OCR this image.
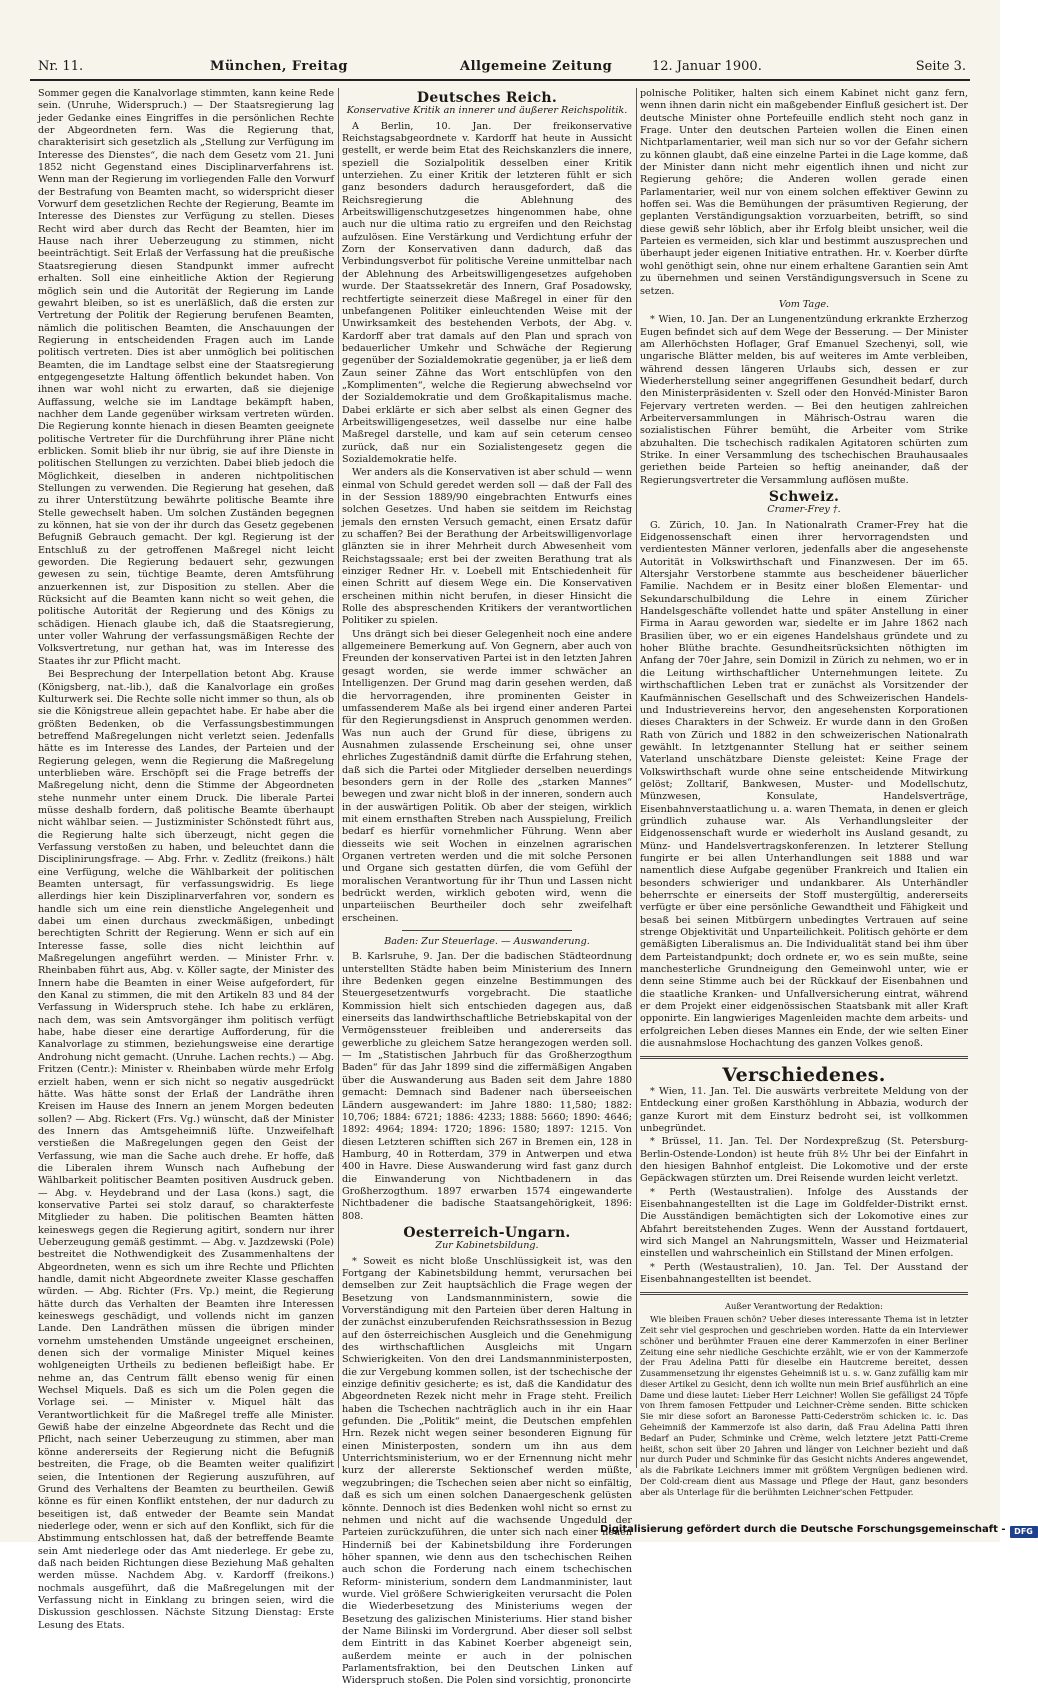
Nr. 11.	München, Freitag	Allgemeine Zeitung	12. Januar 1900.	Seite 3.

Sommer gegen die Kanalvorlage stimmten, kann keine Rede sein. (Unruhe, Widerspruch.) — Der Staatsregierung lag jeder Gedanke eines Eingriffes in die persönlichen Rechte der Abgeordneten fern. Was die Regierung that, charakterisirt sich gesetzlich als „Stellung zur Verfügung im Interesse des Dienstes“, die nach dem Gesetz vom 21. Juni 1852 nicht Gegenstand eines Disciplinarverfahrens ist. Wenn man der Regierung im vorliegenden Falle den Vorwurf der Bestrafung von Beamten macht, so widerspricht dieser Vorwurf dem gesetzlichen Rechte der Regierung, Beamte im Interesse des Dienstes zur Verfügung zu stellen. Dieses Recht wird aber durch das Recht der Beamten, hier im Hause nach ihrer Ueberzeugung zu stimmen, nicht beeinträchtigt. Seit Erlaß der Verfassung hat die preußische Staatsregierung diesen Standpunkt immer aufrecht erhalten. Soll eine einheitliche Aktion der Regierung möglich sein und die Autorität der Regierung im Lande gewahrt bleiben, so ist es unerläßlich, daß die ersten zur Vertretung der Politik der Regierung berufenen Beamten, nämlich die politischen Beamten, die Anschauungen der Regierung in entscheidenden Fragen auch im Lande politisch vertreten. Dies ist aber unmöglich bei politischen Beamten, die im Landtage selbst eine der Staatsregierung entgegengesetzte Haltung öffentlich bekundet haben. Von ihnen war wohl nicht zu erwarten, daß sie diejenige Auffassung, welche sie im Landtage bekämpft haben, nachher dem Lande gegenüber wirksam vertreten würden. Die Regierung konnte hienach in diesen Beamten geeignete politische Vertreter für die Durchführung ihrer Pläne nicht erblicken. Somit blieb ihr nur übrig, sie auf ihre Dienste in politischen Stellungen zu verzichten. Dabei blieb jedoch die Möglichkeit, dieselben in anderen nichtpolitischen Stellungen zu verwenden. Die Regierung hat gesehen, daß zu ihrer Unterstützung bewährte politische Beamte ihre Stelle gewechselt haben. Um solchen Zuständen begegnen zu können, hat sie von der ihr durch das Gesetz gegebenen Befugniß Gebrauch gemacht. Der kgl. Regierung ist der Entschluß zu der getroffenen Maßregel nicht leicht geworden. Die Regierung bedauert sehr, gezwungen gewesen zu sein, tüchtige Beamte, deren Amtsführung anzuerkennen ist, zur Disposition zu stellen. Aber die Rücksicht auf die Beamten kann nicht so weit gehen, die politische Autorität der Regierung und des Königs zu schädigen. Hienach glaube ich, daß die Staatsregierung, unter voller Wahrung der verfassungsmäßigen Rechte der Volksvertretung, nur gethan hat, was im Interesse des Staates ihr zur Pflicht macht.

Bei Besprechung der Interpellation betont Abg. Krause (Königsberg, nat.-lib.), daß die Kanalvorlage ein großes Kulturwerk sei. Die Rechte solle nicht immer so thun, als ob sie die Königstreue allein gepachtet habe. Er habe aber die größten Bedenken, ob die Verfassungsbestimmungen betreffend Maßregelungen nicht verletzt seien. Jedenfalls hätte es im Interesse des Landes, der Parteien und der Regierung gelegen, wenn die Regierung die Maßregelung unterblieben wäre. Erschöpft sei die Frage betreffs der Maßregelung nicht, denn die Stimme der Abgeordneten stehe nunmehr unter einem Druck. Die liberale Partei müsse deshalb fordern, daß politische Beamte überhaupt nicht wählbar seien. — Justizminister Schönstedt führt aus, die Regierung halte sich überzeugt, nicht gegen die Verfassung verstoßen zu haben, und beleuchtet dann die Disciplinirungsfrage. — Abg. Frhr. v. Zedlitz (freikons.) hält eine Verfügung, welche die Wählbarkeit der politischen Beamten untersagt, für verfassungswidrig. Es liege allerdings hier kein Disziplinarverfahren vor, sondern es handle sich um eine rein dienstliche Angelegenheit und dabei um einen durchaus zweckmäßigen, unbedingt berechtigten Schritt der Regierung. Wenn er sich auf ein Interesse fasse, solle dies nicht leichthin auf Maßregelungen angeführt werden. — Minister Frhr. v. Rheinbaben führt aus, Abg. v. Köller sagte, der Minister des Innern habe die Beamten in einer Weise aufgefordert, für den Kanal zu stimmen, die mit den Artikeln 83 und 84 der Verfassung in Widerspruch stehe. Ich habe zu erklären, nach dem, was sein Amtsvorgänger ihm politisch verfügt habe, habe dieser eine derartige Aufforderung, für die Kanalvorlage zu stimmen, beziehungsweise eine derartige Androhung nicht gemacht. (Unruhe. Lachen rechts.) — Abg. Fritzen (Centr.): Minister v. Rheinbaben würde mehr Erfolg erzielt haben, wenn er sich nicht so negativ ausgedrückt hätte. Was hätte sonst der Erlaß der Landräthe ihren Kreisen im Hause des Innern an jenem Morgen bedeuten sollen? — Abg. Rickert (Frs. Vg.) wünscht, daß der Minister des Innern das Amtsgeheimniß lüfte. Unzweifelhaft verstießen die Maßregelungen gegen den Geist der Verfassung, wie man die Sache auch drehe. Er hoffe, daß die Liberalen ihrem Wunsch nach Aufhebung der Wählbarkeit politischer Beamten positiven Ausdruck geben. — Abg. v. Heydebrand und der Lasa (kons.) sagt, die konservative Partei sei stolz darauf, so charakterfeste Mitglieder zu haben. Die politischen Beamten hätten keineswegs gegen die Regierung agitirt, sondern nur ihrer Ueberzeugung gemäß gestimmt. — Abg. v. Jazdzewski (Pole) bestreitet die Nothwendigkeit des Zusammenhaltens der Abgeordneten, wenn es sich um ihre Rechte und Pflichten handle, damit nicht Abgeordnete zweiter Klasse geschaffen würden. — Abg. Richter (Frs. Vp.) meint, die Regierung hätte durch das Verhalten der Beamten ihre Interessen keineswegs geschädigt, und vollends nicht im ganzen Lande. Den Landräthen müssen die übrigen minder vornehm umstehenden Umstände ungeeignet erscheinen, denen sich der vormalige Minister Miquel keines wohlgeneigten Urtheils zu bedienen befleißigt habe. Er nehme an, das Centrum fällt ebenso wenig für einen Wechsel Miquels. Daß es sich um die Polen gegen die Vorlage sei. — Minister v. Miquel hält das Verantwortlichkeit für die Maßregel treffe alle Minister. Gewiß habe der einzelne Abgeordnete das Recht und die Pflicht, nach seiner Ueberzeugung zu stimmen, aber man könne andererseits der Regierung nicht die Befugniß bestreiten, die Frage, ob die Beamten weiter qualifizirt seien, die Intentionen der Regierung auszuführen, auf Grund des Verhaltens der Beamten zu beurtheilen. Gewiß könne es für einen Konflikt entstehen, der nur dadurch zu beseitigen ist, daß entweder der Beamte sein Mandat niederlege oder, wenn er sich auf den Konflikt, sich für die Abstimmung entschlossen hat, daß der betreffende Beamte sein Amt niederlege oder das Amt niederlege. Er gebe zu, daß nach beiden Richtungen diese Beziehung Maß gehalten werden müsse. Nachdem Abg. v. Kardorff (freikons.) nochmals ausgeführt, daß die Maßregelungen mit der Verfassung nicht in Einklang zu bringen seien, wird die Diskussion geschlossen. Nächste Sitzung Dienstag: Erste Lesung des Etats.

Deutsches Reich.
Konservative Kritik an innerer und äußerer Reichspolitik.

A Berlin, 10. Jan. Der freikonservative Reichstagsabgeordnete v. Kardorff hat heute in Aussicht gestellt, er werde beim Etat des Reichskanzlers die innere, speziell die Sozialpolitik desselben einer Kritik unterziehen. Zu einer Kritik der letzteren fühlt er sich ganz besonders dadurch herausgefordert, daß die Reichsregierung die Ablehnung des Arbeitswilligenschutzgesetzes hingenommen habe, ohne auch nur die ultima ratio zu ergreifen und den Reichstag aufzulösen. Eine Verstärkung und Verdichtung erfuhr der Zorn der Konservativen dann dadurch, daß das Verbindungsverbot für politische Vereine unmittelbar nach der Ablehnung des Arbeitswilligengesetzes aufgehoben wurde. Der Staatssekretär des Innern, Graf Posadowsky, rechtfertigte seinerzeit diese Maßregel in einer für den unbefangenen Politiker einleuchtenden Weise mit der Unwirksamkeit des bestehenden Verbots, der Abg. v. Kardorff aber trat damals auf den Plan und sprach von bedauerlicher Umkehr und Schwäche der Regierung gegenüber der Sozialdemokratie gegenüber, ja er ließ dem Zaun seiner Zähne das Wort entschlüpfen von den „Komplimenten“, welche die Regierung abwechselnd vor der Sozialdemokratie und dem Großkapitalismus mache. Dabei erklärte er sich aber selbst als einen Gegner des Arbeitswilligengesetzes, weil dasselbe nur eine halbe Maßregel darstelle, und kam auf sein ceterum censeo zurück, daß nur ein Sozialistengesetz gegen die Sozialdemokratie helfe.

Wer anders als die Konservativen ist aber schuld — wenn einmal von Schuld geredet werden soll — daß der Fall des in der Session 1889/90 eingebrachten Entwurfs eines solchen Gesetzes. Und haben sie seitdem im Reichstag jemals den ernsten Versuch gemacht, einen Ersatz dafür zu schaffen? Bei der Berathung der Arbeitswilligenvorlage glänzten sie in ihrer Mehrheit durch Abwesenheit vom Reichstagssaale; erst bei der zweiten Berathung trat als einziger Redner Hr. v. Loebell mit Entschiedenheit für einen Schritt auf diesem Wege ein. Die Konservativen erscheinen mithin nicht berufen, in dieser Hinsicht die Rolle des abspreschenden Kritikers der verantwortlichen Politiker zu spielen.

Uns drängt sich bei dieser Gelegenheit noch eine andere allgemeinere Bemerkung auf. Von Gegnern, aber auch von Freunden der konservativen Partei ist in den letzten Jahren gesagt worden, sie werde immer schwächer an Intelligenzen. Der Grund mag darin gesehen werden, daß die hervorragenden, ihre prominenten Geister in umfassenderem Maße als bei irgend einer anderen Partei für den Regierungsdienst in Anspruch genommen werden. Was nun auch der Grund für diese, übrigens zu Ausnahmen zulassende Erscheinung sei, ohne unser ehrliches Zugeständniß damit dürfte die Erfahrung stehen, daß sich die Partei oder Mitglieder derselben neuerdings besonders gern in der Rolle des „starken Mannes“ bewegen und zwar nicht bloß in der inneren, sondern auch in der auswärtigen Politik. Ob aber der steigen, wirklich mit einem ernsthaften Streben nach Ausspielung, Freilich bedarf es hierfür vornehmlicher Führung. Wenn aber diesseits wie seit Wochen in einzelnen agrarischen Organen vertreten werden und die mit solche Personen und Organe sich gestatten dürfen, die vom Gefühl der moralischen Verantwortung für ihr Thun und Lassen nicht bedrückt werden, wirklich geboten wird, wenn die unparteiischen Beurtheiler doch sehr zweifelhaft erscheinen.

Baden: Zur Steuerlage. — Auswanderung.

B. Karlsruhe, 9. Jan. Der die badischen Städteordnung unterstellten Städte haben beim Ministerium des Innern ihre Bedenken gegen einzelne Bestimmungen des Steuergesetzentwurfs vorgebracht. Die staatliche Kommission hielt sich entschieden dagegen aus, daß einerseits das landwirthschaftliche Betriebskapital von der Vermögenssteuer freibleiben und andererseits das gewerbliche zu gleichem Satze herangezogen werden soll. — Im „Statistischen Jahrbuch für das Großherzogthum Baden“ für das Jahr 1899 sind die ziffermäßigen Angaben über die Auswanderung aus Baden seit dem Jahre 1880 gemacht: Demnach sind Badener nach überseeischen Ländern ausgewandert: im Jahre 1880: 11,580; 1882: 10,706; 1884: 6721; 1886: 4233; 1888: 5660; 1890: 4646; 1892: 4964; 1894: 1720; 1896: 1580; 1897: 1215. Von diesen Letzteren schifften sich 267 in Bremen ein, 128 in Hamburg, 40 in Rotterdam, 379 in Antwerpen und etwa 400 in Havre. Diese Auswanderung wird fast ganz durch die Einwanderung von Nichtbadenern in das Großherzogthum. 1897 erwarben 1574 eingewanderte Nichtbadener die badische Staatsangehörigkeit, 1896: 808.

Oesterreich-Ungarn.
Zur Kabinetsbildung.

* Soweit es nicht bloße Unschlüssigkeit ist, was den Fortgang der Kabinetsbildung hemmt, verursachen bei demselben zur Zeit hauptsächlich die Frage wegen der Besetzung von Landsmannministern, sowie die Vorverständigung mit den Parteien über deren Haltung in der zunächst einzuberufenden Reichsrathssession in Bezug auf den österreichischen Ausgleich und die Genehmigung des wirthschaftlichen Ausgleichs mit Ungarn Schwierigkeiten. Von den drei Landsmannministerposten, die zur Vergebung kommen sollen, ist der tschechische der einzige definitiv gesicherte; es ist, daß die Kandidatur des Abgeordneten Rezek nicht mehr in Frage steht. Freilich haben die Tschechen nachträglich auch in ihr ein Haar gefunden. Die „Politik“ meint, die Deutschen empfehlen Hrn. Rezek nicht wegen seiner besonderen Eignung für einen Ministerposten, sondern um ihn aus dem Unterrichtsministerium, wo er der Ernennung nicht mehr kurz der allererste Sektionschef werden müßte, wegzubringen; die Tschechen seien aber nicht so einfältig, daß es sich um einen solchen Danaergeschenk gelüsten könnte. Dennoch ist dies Bedenken wohl nicht so ernst zu nehmen und nicht auf die wachsende Ungeduld der Parteien zurückzuführen, die unter sich nach einer neuen Hinderniß bei der Kabinetsbildung ihre Forderungen höher spannen, wie denn aus den tschechischen Reihen auch schon die Forderung nach einem tschechischen Reform- ministerium, sondern dem Landmanminister, laut wurde. Viel größere Schwierigkeiten verursacht die Polen die Wiederbesetzung des Ministeriums wegen der Besetzung des galizischen Ministeriums. Hier stand bisher der Name Bilinski im Vordergrund. Aber dieser soll selbst dem Eintritt in das Kabinet Koerber abgeneigt sein, außerdem meinte er auch in der polnischen Parlamentsfraktion, bei den Deutschen Linken auf Widerspruch stoßen. Die Polen sind vorsichtig, prononcirte

polnische Politiker, halten sich einem Kabinet nicht ganz fern, wenn ihnen darin nicht ein maßgebender Einfluß gesichert ist. Der deutsche Minister ohne Portefeuille endlich steht noch ganz in Frage. Unter den deutschen Parteien wollen die Einen einen Nichtparlamentarier, weil man sich nur so vor der Gefahr sichern zu können glaubt, daß eine einzelne Partei in die Lage komme, daß der Minister dann nicht mehr eigentlich ihnen und nicht zur Regierung gehöre; die Anderen wollen gerade einen Parlamentarier, weil nur von einem solchen effektiver Gewinn zu hoffen sei. Was die Bemühungen der präsumtiven Regierung, der geplanten Verständigungsaktion vorzuarbeiten, betrifft, so sind diese gewiß sehr löblich, aber ihr Erfolg bleibt unsicher, weil die Parteien es vermeiden, sich klar und bestimmt auszusprechen und überhaupt jeder eigenen Initiative entrathen. Hr. v. Koerber dürfte wohl genöthigt sein, ohne nur einem erhaltene Garantien sein Amt zu übernehmen und seinen Verständigungsversuch in Scene zu setzen.

Vom Tage.

* Wien, 10. Jan. Der an Lungenentzündung erkrankte Erzherzog Eugen befindet sich auf dem Wege der Besserung. — Der Minister am Allerhöchsten Hoflager, Graf Emanuel Szechenyi, soll, wie ungarische Blätter melden, bis auf weiteres im Amte verbleiben, während dessen längeren Urlaubs sich, dessen er zur Wiederherstellung seiner angegriffenen Gesundheit bedarf, durch den Ministerpräsidenten v. Szell oder den Honvéd-Minister Baron Fejervary vertreten werden. — Bei den heutigen zahlreichen Arbeiterversammlungen in Mährisch-Ostrau waren die sozialistischen Führer bemüht, die Arbeiter vom Strike abzuhalten. Die tschechisch radikalen Agitatoren schürten zum Strike. In einer Versammlung des tschechischen Brauhausaales geriethen beide Parteien so heftig aneinander, daß der Regierungsvertreter die Versammlung auflösen mußte.

Schweiz.
Cramer-Frey †.

G. Zürich, 10. Jan. In Nationalrath Cramer-Frey hat die Eidgenossenschaft einen ihrer hervorragendsten und verdientesten Männer verloren, jedenfalls aber die angesehenste Autorität in Volkswirthschaft und Finanzwesen. Der im 65. Altersjahr Verstorbene stammte aus bescheidener bäuerlicher Familie. Nachdem er in Besitz einer bloßen Elementar- und Sekundarschulbildung die Lehre in einem Züricher Handelsgeschäfte vollendet hatte und später Anstellung in einer Firma in Aarau geworden war, siedelte er im Jahre 1862 nach Brasilien über, wo er ein eigenes Handelshaus gründete und zu hoher Blüthe brachte. Gesundheitsrücksichten nöthigten im Anfang der 70er Jahre, sein Domizil in Zürich zu nehmen, wo er in die Leitung wirthschaftlicher Unternehmungen leitete. Zu wirthschaftlichen Leben trat er zunächst als Vorsitzender der Kaufmännischen Gesellschaft und des Schweizerischen Handels- und Industrievereins hervor, den angesehensten Korporationen dieses Charakters in der Schweiz. Er wurde dann in den Großen Rath von Zürich und 1882 in den schweizerischen Nationalrath gewählt. In letztgenannter Stellung hat er seither seinem Vaterland unschätzbare Dienste geleistet: Keine Frage der Volkswirthschaft wurde ohne seine entscheidende Mitwirkung gelöst; Zolltarif, Bankwesen, Muster- und Modellschutz, Münzwesen, Konsulate, Handelsverträge, Eisenbahnverstaatlichung u. a. waren Themata, in denen er gleich gründlich zuhause war. Als Verhandlungsleiter der Eidgenossenschaft wurde er wiederholt ins Ausland gesandt, zu Münz- und Handelsvertragskonferenzen. In letzterer Stellung fungirte er bei allen Unterhandlungen seit 1888 und war namentlich diese Aufgabe gegenüber Frankreich und Italien ein besonders schwieriger und undankbarer. Als Unterhändler beherrschte er einerseits der Stoff mustergültig, andererseits verfügte er über eine persönliche Gewandtheit und Fähigkeit und besaß bei seinen Mitbürgern unbedingtes Vertrauen auf seine strenge Objektivität und Unparteilichkeit. Politisch gehörte er dem gemäßigten Liberalismus an. Die Individualität stand bei ihm über dem Parteistandpunkt; doch ordnete er, wo es sein mußte, seine manchesterliche Grundneigung den Gemeinwohl unter, wie er denn seine Stimme auch bei der Rückkauf der Eisenbahnen und die staatliche Kranken- und Unfallversicherung eintrat, während er dem Projekt einer eidgenössischen Staatsbank mit aller Kraft opponirte. Ein langwieriges Magenleiden machte dem arbeits- und erfolgreichen Leben dieses Mannes ein Ende, der wie selten Einer die ausnahmslose Hochachtung des ganzen Volkes genoß.

Verschiedenes.

* Wien, 11. Jan. Tel. Die auswärts verbreitete Meldung von der Entdeckung einer großen Karsthöhlung in Abbazia, wodurch der ganze Kurort mit dem Einsturz bedroht sei, ist vollkommen unbegründet.

* Brüssel, 11. Jan. Tel. Der Nordexpreßzug (St. Petersburg-Berlin-Ostende-London) ist heute früh 8½ Uhr bei der Einfahrt in den hiesigen Bahnhof entgleist. Die Lokomotive und der erste Gepäckwagen stürzten um. Drei Reisende wurden leicht verletzt.

* Perth (Westaustralien). Infolge des Ausstands der Eisenbahnangestellten ist die Lage im Goldfelder-Distrikt ernst. Die Ausständigen bemächtigten sich der Lokomotive eines zur Abfahrt bereitstehenden Zuges. Wenn der Ausstand fortdauert, wird sich Mangel an Nahrungsmitteln, Wasser und Heizmaterial einstellen und wahrscheinlich ein Stillstand der Minen erfolgen.

* Perth (Westaustralien), 10. Jan. Tel. Der Ausstand der Eisenbahnangestellten ist beendet.

Außer Verantwortung der Redaktion:

Wie bleiben Frauen schön? Ueber dieses interessante Thema ist in letzter Zeit sehr viel gesprochen und geschrieben worden. Hatte da ein Interviewer schöner und berühmter Frauen eine derer Kammerzofen in einer Berliner Zeitung eine sehr niedliche Geschichte erzählt, wie er von der Kammerzofe der Frau Adelina Patti für dieselbe ein Hautcreme bereitet, dessen Zusammensetzung ihr eigenstes Geheimniß ist u. s. w. Ganz zufällig kam mir dieser Artikel zu Gesicht, denn ich wollte nun mein Brief ausführlich an eine Dame und diese lautet: Lieber Herr Leichner! Wollen Sie gefälligst 24 Töpfe von Ihrem famosen Fettpuder und Leichner-Crème senden. Bitte schicken Sie mir diese sofort an Baronesse Patti-Cederström schicken ic. ic. Das Geheimniß der Kammerzofe ist also darin, daß Frau Adelina Patti ihren Bedarf an Puder, Schminke und Crème, welch letztere jetzt Patti-Creme heißt, schon seit über 20 Jahren und länger von Leichner bezieht und daß nur durch Puder und Schminke für das Gesicht nichts Anderes angewendet, als die Fabrikate Leichners immer mit größtem Vergnügen bedienen wird. Der Cold-cream dient aus Massage und Pflege der Haut, ganz besonders aber als Unterlage für die berühmten Leichner'schen Fettpuder.

Digitalisierung gefördert durch die Deutsche Forschungsgemeinschaft - DFG
